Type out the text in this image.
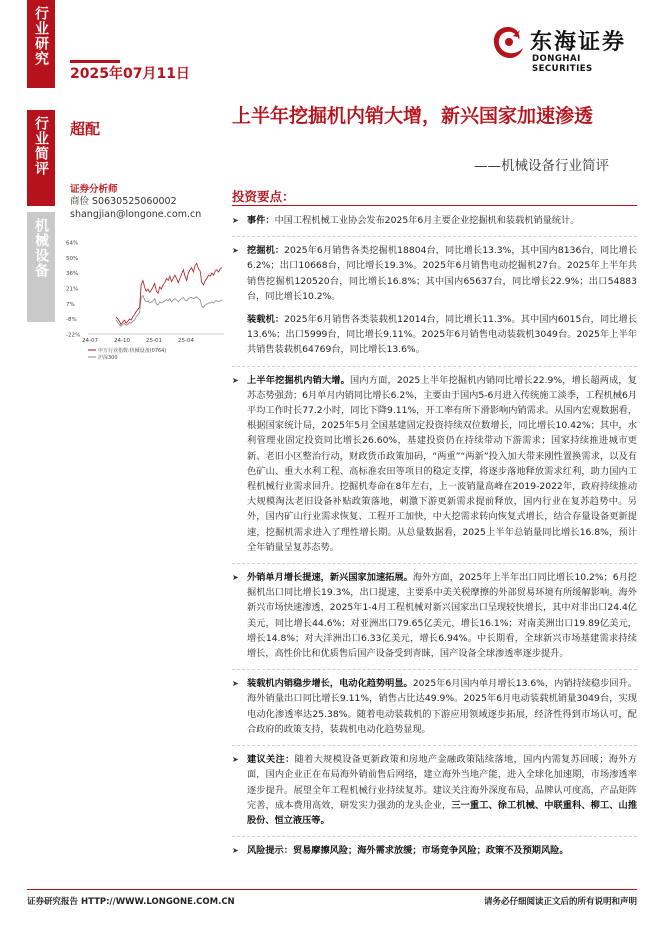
行业研究
行业简评
机械设备
2025年07月11日
东海证券
DONGHAI SECURITIES
超配
上半年挖掘机内销大增，新兴国家加速渗透
——机械设备行业简评
证券分析师
商俭 S0630525060002
shangjian@longone.com.cn
64%
50%
36%
21%
7%
-8%
-22%
24-07	24-10	25-01	25-04
申万行业指数:机械设备(0764)
沪深300
投资要点：
➤ 事件：中国工程机械工业协会发布2025年6月主要企业挖掘机和装载机销量统计。
➤ 挖掘机：2025年6月销售各类挖掘机18804台，同比增长13.3%，其中国内8136台，同比增长6.2%；出口10668台，同比增长19.3%。2025年6月销售电动挖掘机27台。2025年上半年共销售挖掘机120520台，同比增长16.8%；其中国内65637台，同比增长22.9%；出口54883台，同比增长10.2%。
装载机：2025年6月销售各类装载机12014台，同比增长11.3%。其中国内6015台，同比增长13.6%；出口5999台，同比增长9.11%。2025年6月销售电动装载机3049台。2025年上半年共销售装载机64769台，同比增长13.6%。
➤ 上半年挖掘机内销大增。国内方面，2025上半年挖掘机内销同比增长22.9%，增长超两成，复苏态势强劲；6月单月内销同比增长6.2%，主要由于国内5-6月进入传统施工淡季，工程机械6月平均工作时长77.2小时，同比下降9.11%，开工率有所下滑影响内销需求。从国内宏观数据看，根据国家统计局，2025年5月全国基建固定投资持续双位数增长，同比增长10.42%；其中，水利管理业固定投资同比增长26.60%，基建投资仍在持续带动下游需求；国家持续推进城市更新、老旧小区整治行动，财政货币政策加码，“两重”“两新”投入加大带来刚性置换需求，以及有色矿山、重大水利工程、高标准农田等项目的稳定支撑，将逐步落地释放需求红利，助力国内工程机械行业需求回升。挖掘机寿命在8年左右，上一波销量高峰在2019-2022年，政府持续推动大规模淘汰老旧设备补贴政策落地，刺激下游更新需求提前释放，国内行业在复苏趋势中。另外，国内矿山行业需求恢复、工程开工加快，中大挖需求转向恢复式增长，结合存量设备更新提速，挖掘机需求进入了理性增长期。从总量数据看，2025上半年总销量同比增长16.8%，预计全年销量呈复苏态势。
➤ 外销单月增长提速，新兴国家加速拓展。海外方面，2025年上半年出口同比增长10.2%；6月挖掘机出口同比增长19.3%，出口提速，主要系中美关税摩擦的外部贸易环境有所缓解影响。海外新兴市场快速渗透，2025年1-4月工程机械对新兴国家出口呈现较快增长，其中对非出口24.4亿美元，同比增长44.6%；对亚洲出口79.65亿美元，增长16.1%；对南美洲出口19.89亿美元，增长14.8%；对大洋洲出口6.33亿美元，增长6.94%。中长期看，全球新兴市场基建需求持续增长，高性价比和优质售后国产设备受到青睐，国产设备全球渗透率逐步提升。
➤ 装载机内销稳步增长，电动化趋势明显。2025年6月国内单月增长13.6%，内销持续稳步回升。海外销量出口同比增长9.11%，销售占比达49.9%。2025年6月电动装载机销量3049台，实现电动化渗透率达25.38%。随着电动装载机的下游应用领域逐步拓展，经济性得到市场认可，配合政府的政策支持，装载机电动化趋势显现。
➤ 建议关注：随着大规模设备更新政策和房地产金融政策陆续落地，国内内需复苏回暖；海外方面，国内企业正在布局海外销前售后网络，建立海外当地产能，进入全球化加速期，市场渗透率逐步提升。展望全年工程机械行业持续复苏。建议关注海外深度布局，品牌认可度高，产品矩阵完善，成本费用高效，研发实力强劲的龙头企业，三一重工、徐工机械、中联重科、柳工、山推股份、恒立液压等。
➤ 风险提示：贸易摩擦风险；海外需求放缓；市场竞争风险；政策不及预期风险。
证券研究报告 HTTP://WWW.LONGONE.COM.CN	请务必仔细阅读正文后的所有说明和声明
